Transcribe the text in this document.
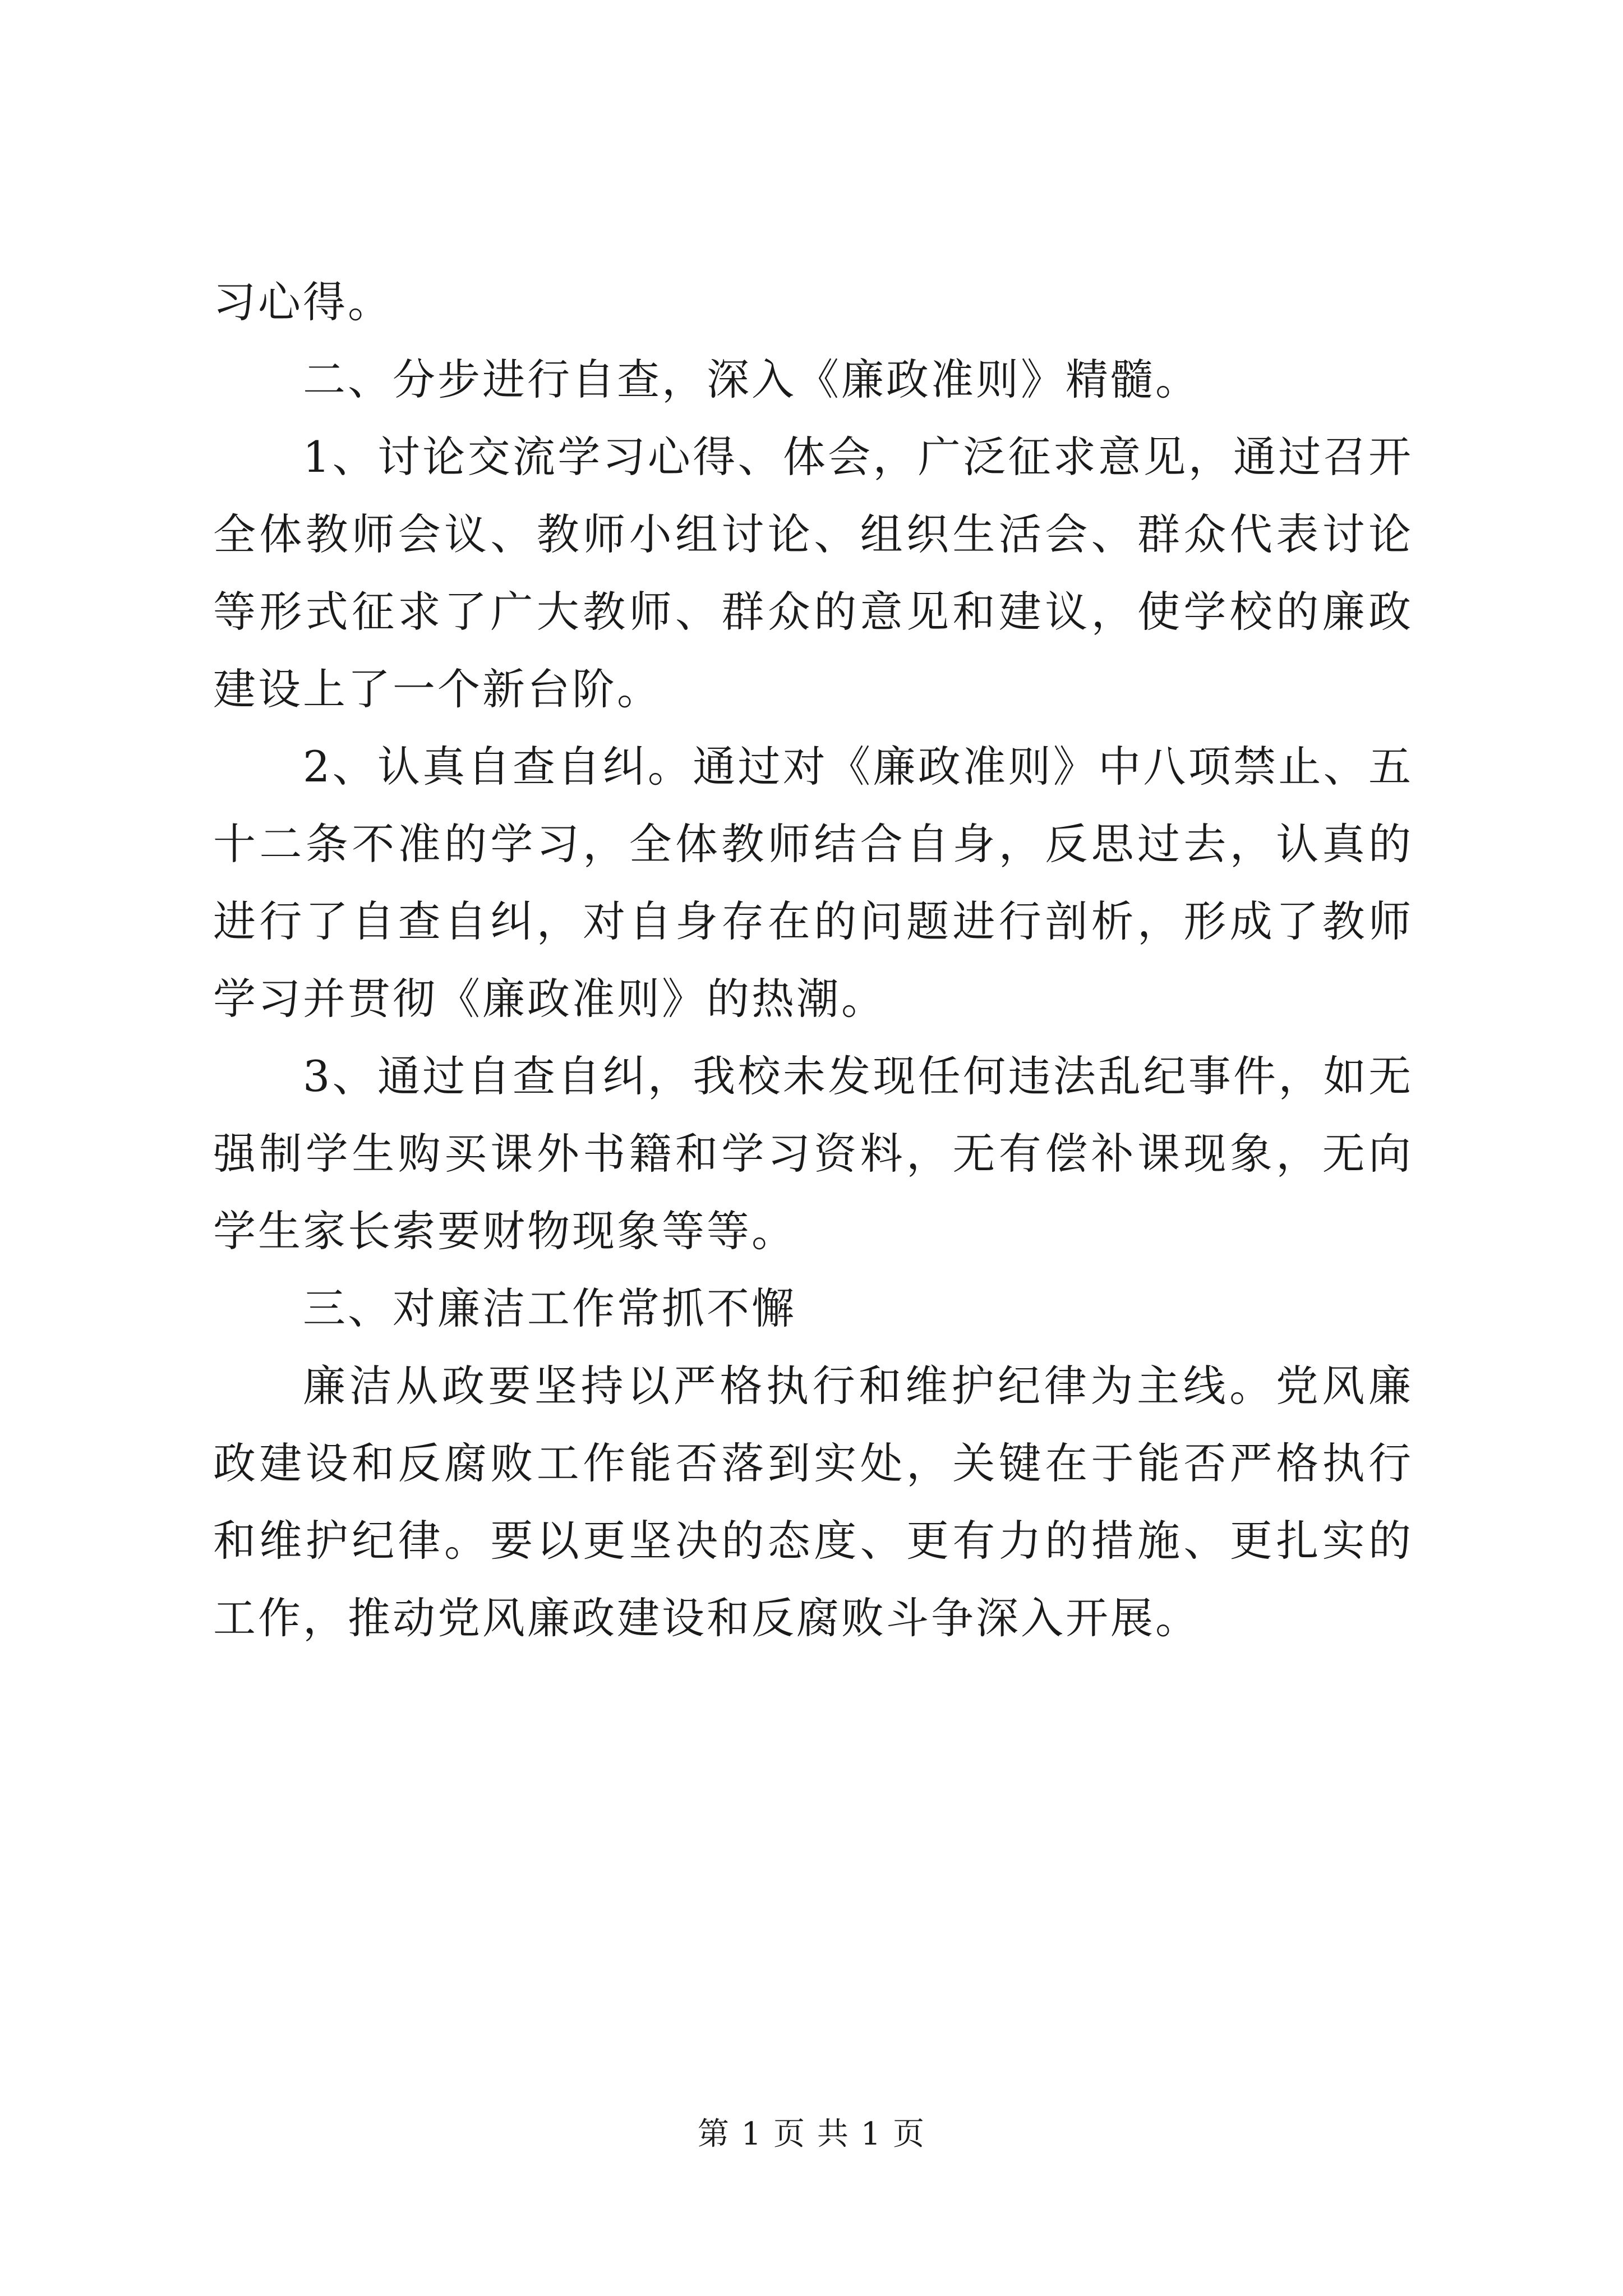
习心得。

二、分步进行自查，深入《廉政准则》精髓。

1、讨论交流学习心得、体会，广泛征求意见，通过召开全体教师会议、教师小组讨论、组织生活会、群众代表讨论等形式征求了广大教师、群众的意见和建议，使学校的廉政建设上了一个新台阶。

2、认真自查自纠。通过对《廉政准则》中八项禁止、五十二条不准的学习，全体教师结合自身，反思过去，认真的进行了自查自纠，对自身存在的问题进行剖析，形成了教师学习并贯彻《廉政准则》的热潮。

3、通过自查自纠，我校未发现任何违法乱纪事件，如无强制学生购买课外书籍和学习资料，无有偿补课现象，无向学生家长索要财物现象等等。

三、对廉洁工作常抓不懈

廉洁从政要坚持以严格执行和维护纪律为主线。党风廉政建设和反腐败工作能否落到实处，关键在于能否严格执行和维护纪律。要以更坚决的态度、更有力的措施、更扎实的工作，推动党风廉政建设和反腐败斗争深入开展。

第 1 页 共 1 页
